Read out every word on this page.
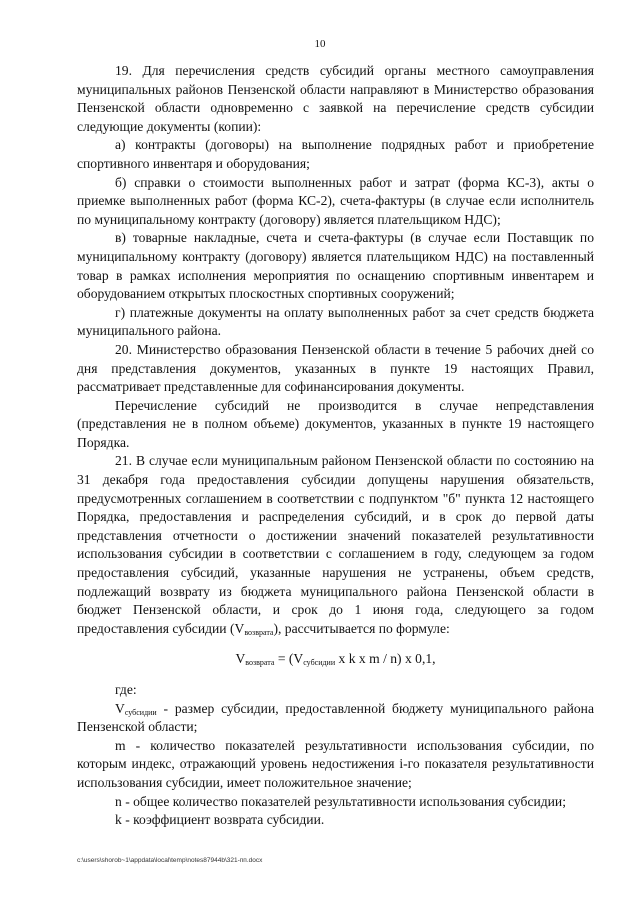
10

19. Для перечисления средств субсидий органы местного самоуправления муниципальных районов Пензенской области направляют в Министерство образования Пензенской области одновременно с заявкой на перечисление средств субсидии следующие документы (копии):

а) контракты (договоры) на выполнение подрядных работ и приобретение спортивного инвентаря и оборудования;

б) справки о стоимости выполненных работ и затрат (форма КС-3), акты о приемке выполненных работ (форма КС-2), счета-фактуры (в случае если исполнитель по муниципальному контракту (договору) является плательщиком НДС);

в) товарные накладные, счета и счета-фактуры (в случае если Поставщик по муниципальному контракту (договору) является плательщиком НДС) на поставленный товар в рамках исполнения мероприятия по оснащению спортивным инвентарем и оборудованием открытых плоскостных спортивных сооружений;

г) платежные документы на оплату выполненных работ за счет средств бюджета муниципального района.

20. Министерство образования Пензенской области в течение 5 рабочих дней со дня представления документов, указанных в пункте 19 настоящих Правил, рассматривает представленные для софинансирования документы.

Перечисление субсидий не производится в случае непредставления (представления не в полном объеме) документов, указанных в пункте 19 настоящего Порядка.

21. В случае если муниципальным районом Пензенской области по состоянию на 31 декабря года предоставления субсидии допущены нарушения обязательств, предусмотренных соглашением в соответствии с подпунктом "б" пункта 12 настоящего Порядка, предоставления и распределения субсидий, и в срок до первой даты представления отчетности о достижении значений показателей результативности использования субсидии в соответствии с соглашением в году, следующем за годом предоставления субсидий, указанные нарушения не устранены, объем средств, подлежащий возврату из бюджета муниципального района Пензенской области в бюджет Пензенской области, и срок до 1 июня года, следующего за годом предоставления субсидии $(V_{возврата})$, рассчитывается по формуле:

$V_{возврата} = (V_{субсидии}$ x k x m / n) x 0,1,

где:

$V_{субсидии}$ - размер субсидии, предоставленной бюджету муниципального района Пензенской области;

m - количество показателей результативности использования субсидии, по которым индекс, отражающий уровень недостижения i-го показателя результативности использования субсидии, имеет положительное значение;

n - общее количество показателей результативности использования субсидии;

k - коэффициент возврата субсидии.

c:\users\shorob~1\appdata\local\temp\notes87944b\321-пп.docx
